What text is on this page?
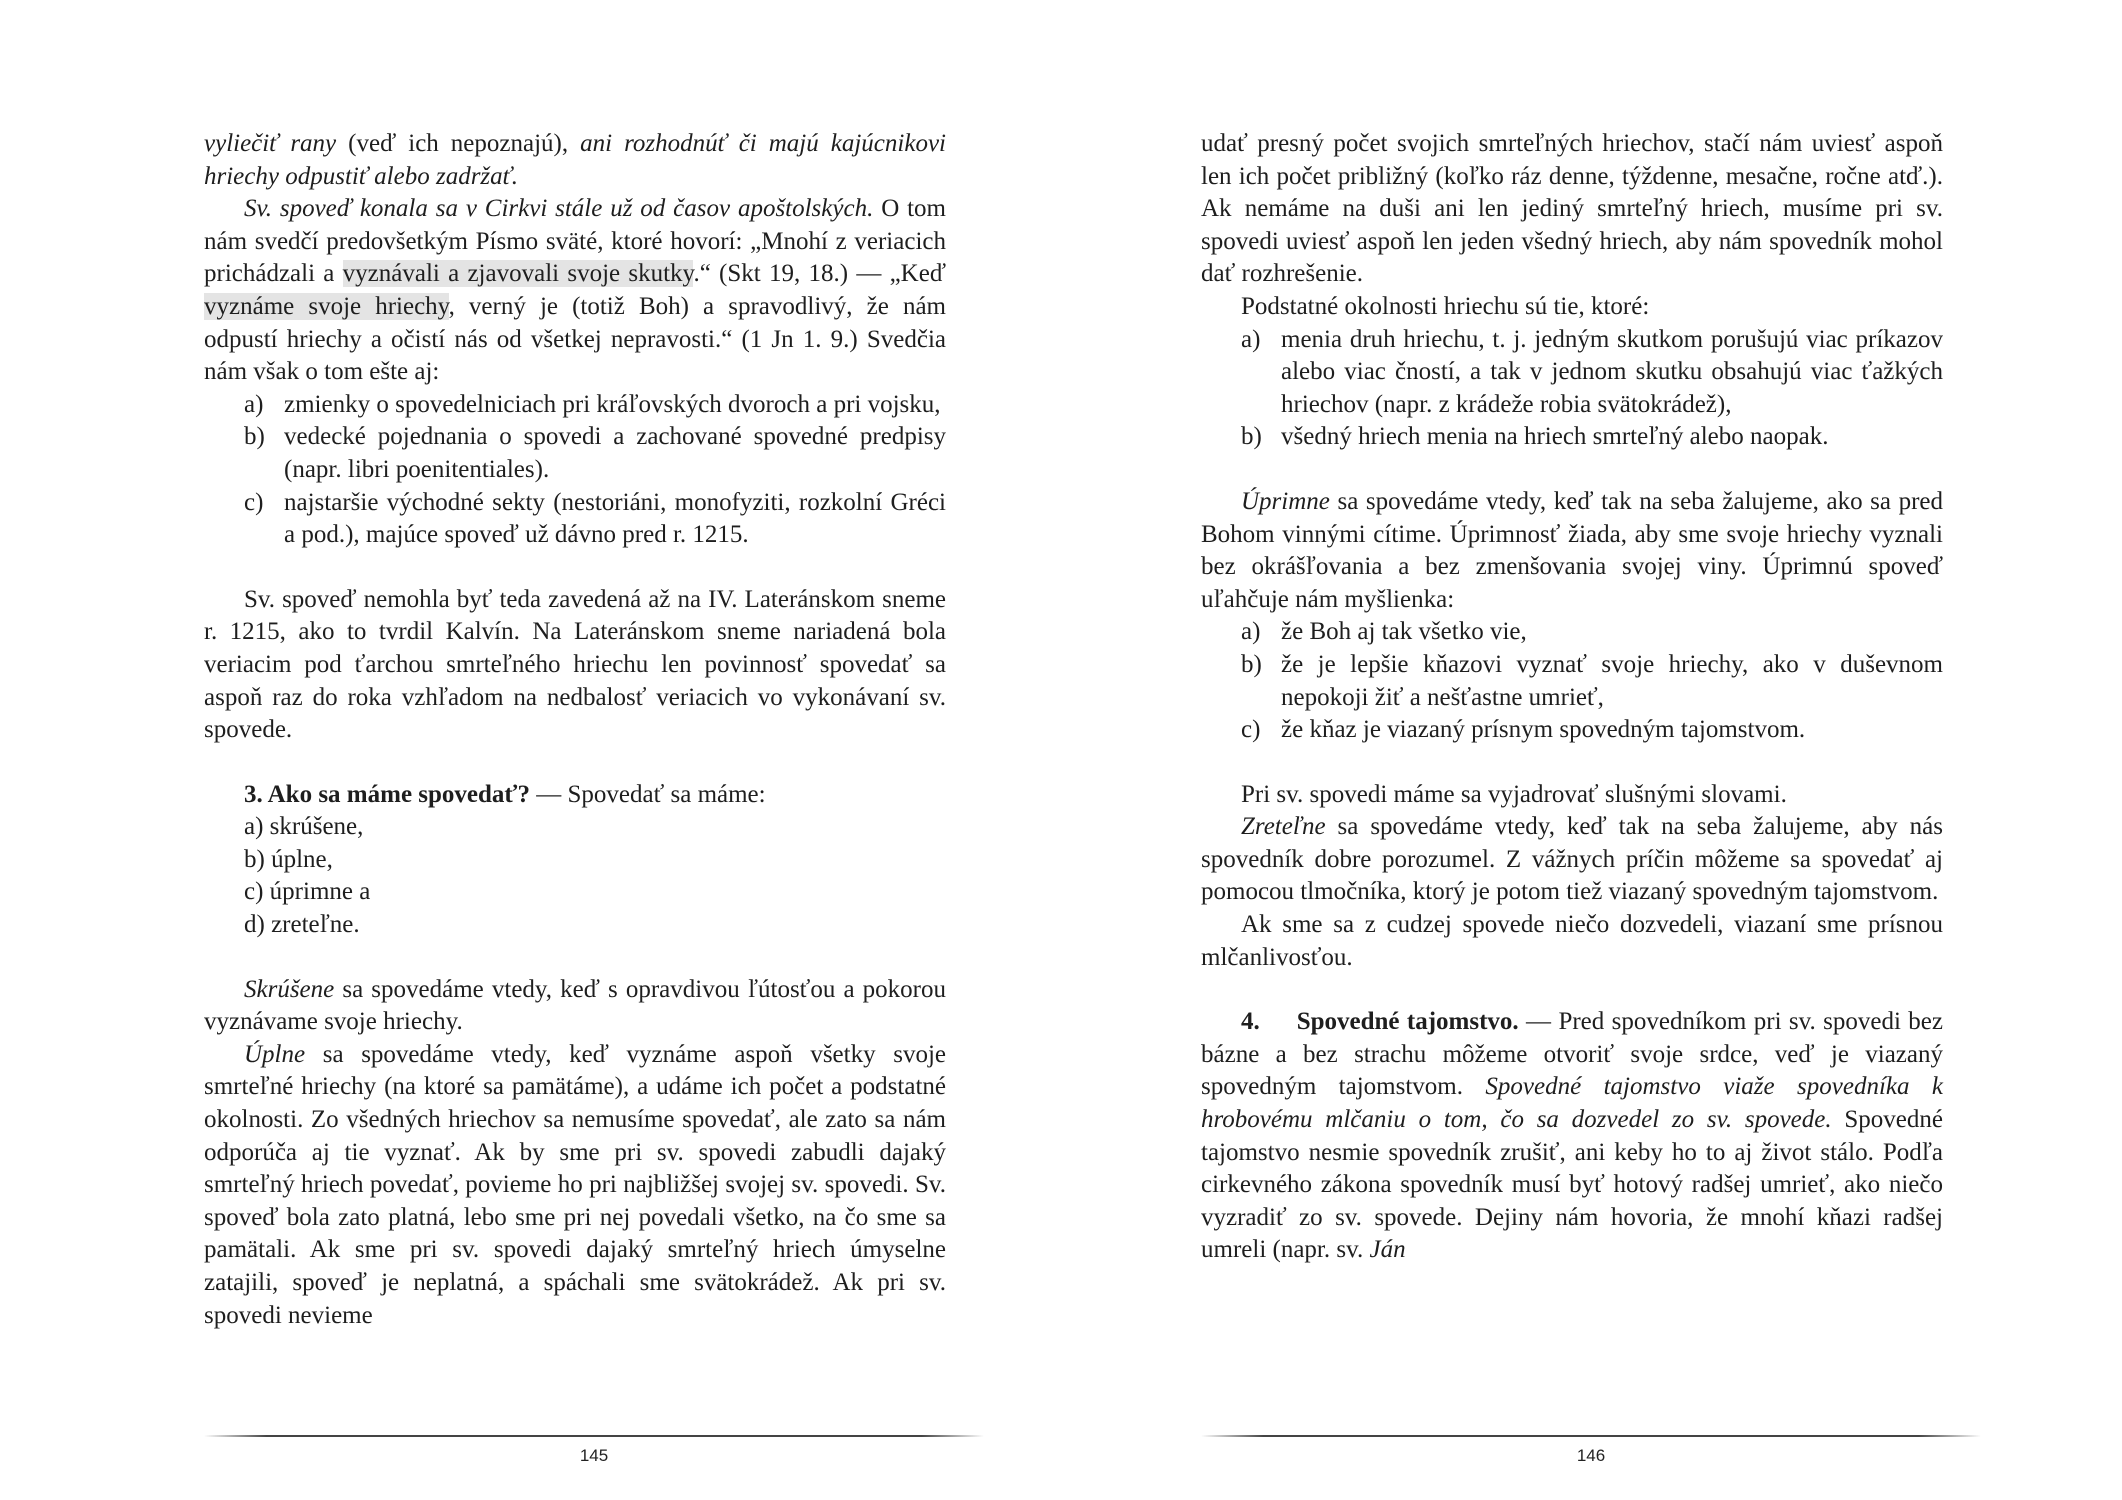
vyliečiť rany (veď ich nepoznajú), ani rozhodnúť či majú kajúcnikovi hriechy odpustiť alebo zadržať.

Sv. spoveď konala sa v Cirkvi stále už od časov apoštolských. O tom nám svedčí predovšetkým Písmo sväté, ktoré hovorí: „Mnohí z veriacich prichádzali a vyznávali a zjavovali svoje skutky.“ (Skt 19, 18.) — „Keď vyznáme svoje hriechy, verný je (totiž Boh) a spravodlivý, že nám odpustí hriechy a očistí nás od všetkej nepravosti.“ (1 Jn 1. 9.) Svedčia nám však o tom ešte aj:

a) zmienky o spovedelniciach pri kráľovských dvoroch a pri vojsku,
b) vedecké pojednania o spovedi a zachované spovedné predpisy (napr. libri poenitentiales).
c) najstaršie východné sekty (nestoriáni, monofyziti, rozkolní Gréci a pod.), majúce spoveď už dávno pred r. 1215.

Sv. spoveď nemohla byť teda zavedená až na IV. Lateránskom sneme r. 1215, ako to tvrdil Kalvín. Na Lateránskom sneme nariadená bola veriacim pod ťarchou smrteľného hriechu len povinnosť spovedať sa aspoň raz do roka vzhľadom na nedbalosť veriacich vo vykonávaní sv. spovede.

3. Ako sa máme spovedať? — Spovedať sa máme:

a) skrúšene,
b) úplne,
c) úprimne a
d) zreteľne.

Skrúšene sa spovedáme vtedy, keď s opravdivou ľútosťou a pokorou vyznávame svoje hriechy.

Úplne sa spovedáme vtedy, keď vyznáme aspoň všetky svoje smrteľné hriechy (na ktoré sa pamätáme), a udáme ich počet a podstatné okolnosti. Zo všedných hriechov sa nemusíme spovedať, ale zato sa nám odporúča aj tie vyznať. Ak by sme pri sv. spovedi zabudli dajaký smrteľný hriech povedať, povieme ho pri najbližšej svojej sv. spovedi. Sv. spoveď bola zato platná, lebo sme pri nej povedali všetko, na čo sme sa pamätali. Ak sme pri sv. spovedi dajaký smrteľný hriech úmyselne zatajili, spoveď je neplatná, a spáchali sme svätokrádež. Ak pri sv. spovedi nevieme

145

udať presný počet svojich smrteľných hriechov, stačí nám uviesť aspoň len ich počet približný (koľko ráz denne, týždenne, mesačne, ročne atď.). Ak nemáme na duši ani len jediný smrteľný hriech, musíme pri sv. spovedi uviesť aspoň len jeden všedný hriech, aby nám spovedník mohol dať rozhrešenie.

Podstatné okolnosti hriechu sú tie, ktoré:

a) menia druh hriechu, t. j. jedným skutkom porušujú viac príkazov alebo viac čností, a tak v jednom skutku obsahujú viac ťažkých hriechov (napr. z krádeže robia svätokrádež),
b) všedný hriech menia na hriech smrteľný alebo naopak.

Úprimne sa spovedáme vtedy, keď tak na seba žalujeme, ako sa pred Bohom vinnými cítime. Úprimnosť žiada, aby sme svoje hriechy vyznali bez okrášľovania a bez zmenšovania svojej viny. Úprimnú spoveď uľahčuje nám myšlienka:

a) že Boh aj tak všetko vie,
b) že je lepšie kňazovi vyznať svoje hriechy, ako v duševnom nepokoji žiť a nešťastne umrieť,
c) že kňaz je viazaný prísnym spovedným tajomstvom.

Pri sv. spovedi máme sa vyjadrovať slušnými slovami.

Zreteľne sa spovedáme vtedy, keď tak na seba žalujeme, aby nás spovedník dobre porozumel. Z vážnych príčin môžeme sa spovedať aj pomocou tlmočníka, ktorý je potom tiež viazaný spovedným tajomstvom.

Ak sme sa z cudzej spovede niečo dozvedeli, viazaní sme prísnou mlčanlivosťou.

4. Spovedné tajomstvo. — Pred spovedníkom pri sv. spovedi bez bázne a bez strachu môžeme otvoriť svoje srdce, veď je viazaný spovedným tajomstvom. Spovedné tajomstvo viaže spovedníka k hrobovému mlčaniu o tom, čo sa dozvedel zo sv. spovede. Spovedné tajomstvo nesmie spovedník zrušiť, ani keby ho to aj život stálo. Podľa cirkevného zákona spovedník musí byť hotový radšej umrieť, ako niečo vyzradiť zo sv. spovede. Dejiny nám hovoria, že mnohí kňazi radšej umreli (napr. sv. Ján

146
